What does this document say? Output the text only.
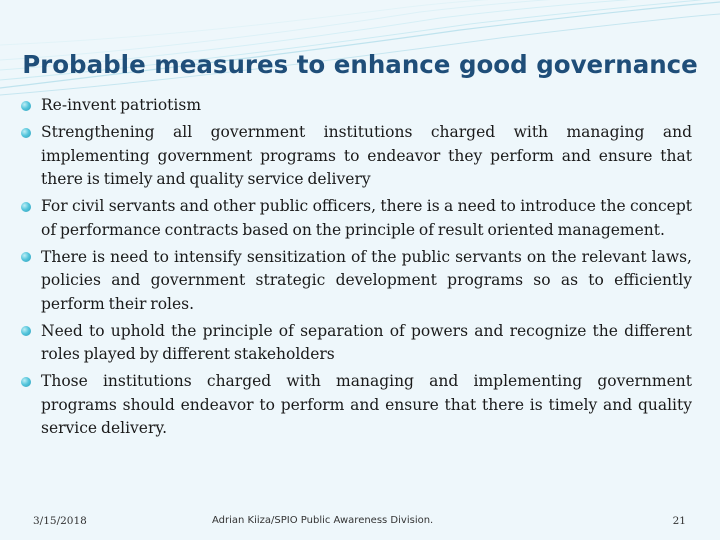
Probable measures to enhance good governance
Re-invent patriotism
Strengthening all government institutions charged with managing and implementing government programs to endeavor they perform and ensure that there is timely and quality service delivery
For civil servants and other public officers, there is a need to introduce the concept of performance contracts based on the principle of result oriented management.
There is need to intensify sensitization of the public servants on the relevant laws, policies and government strategic development programs so as to efficiently perform their roles.
Need to uphold the principle of separation of powers and recognize the different roles played by different stakeholders
Those institutions charged with managing and implementing government programs should endeavor to perform and ensure that there is timely and quality service delivery.
3/15/2018	Adrian Kiiza/SPIO Public Awareness Division.	21
